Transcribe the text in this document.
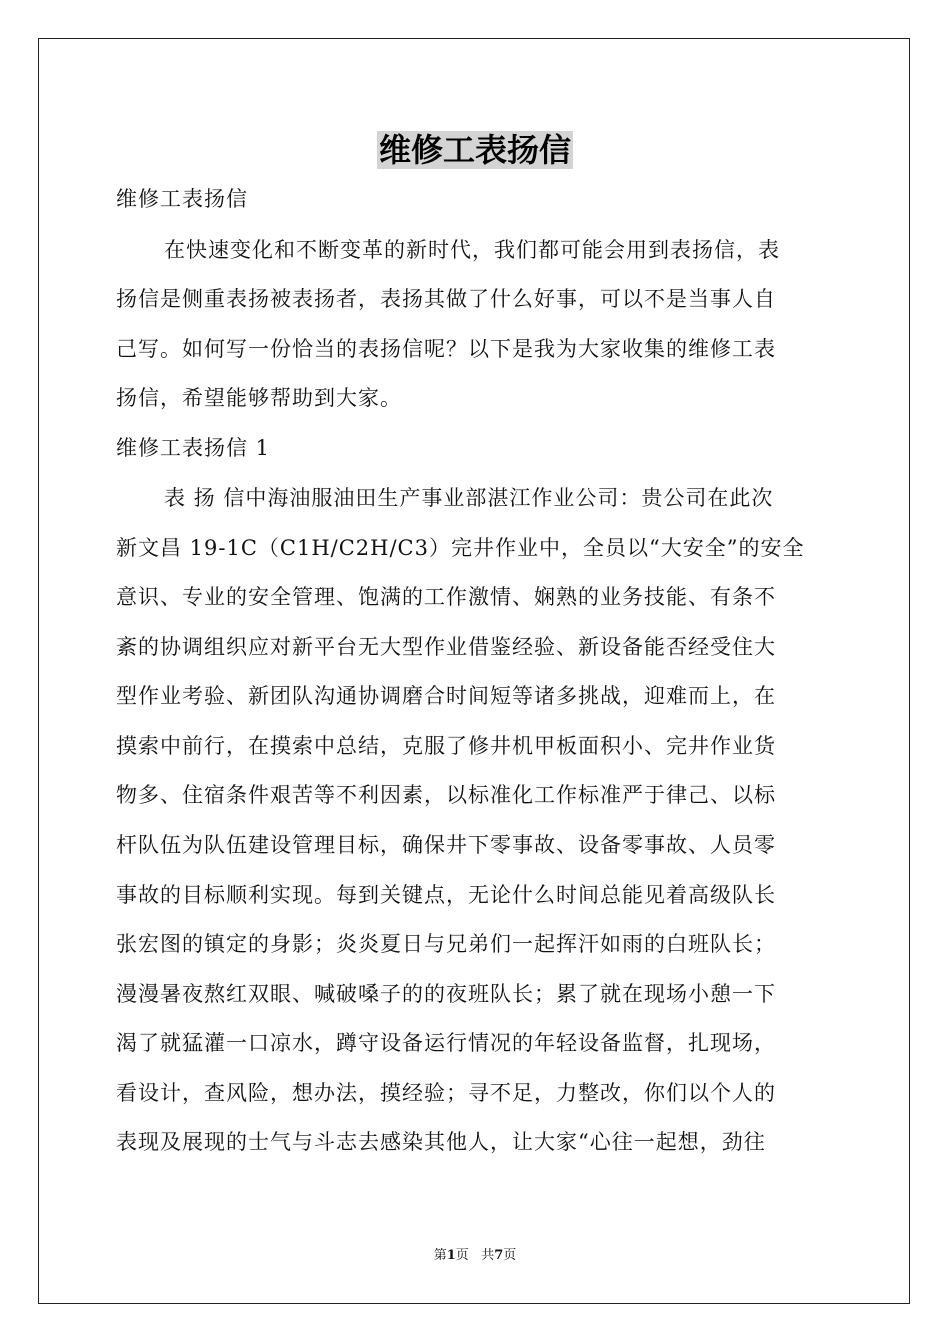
维修工表扬信
维修工表扬信
在快速变化和不断变革的新时代，我们都可能会用到表扬信，表
扬信是侧重表扬被表扬者，表扬其做了什么好事，可以不是当事人自
己写。如何写一份恰当的表扬信呢？以下是我为大家收集的维修工表
扬信，希望能够帮助到大家。
维修工表扬信 1
表 扬 信中海油服油田生产事业部湛江作业公司：贵公司在此次
新文昌 19-1C（C1H/C2H/C3）完井作业中，全员以“大安全”的安全
意识、专业的安全管理、饱满的工作激情、娴熟的业务技能、有条不
紊的协调组织应对新平台无大型作业借鉴经验、新设备能否经受住大
型作业考验、新团队沟通协调磨合时间短等诸多挑战，迎难而上，在
摸索中前行，在摸索中总结，克服了修井机甲板面积小、完井作业货
物多、住宿条件艰苦等不利因素，以标准化工作标准严于律己、以标
杆队伍为队伍建设管理目标，确保井下零事故、设备零事故、人员零
事故的目标顺利实现。每到关键点，无论什么时间总能见着高级队长
张宏图的镇定的身影；炎炎夏日与兄弟们一起挥汗如雨的白班队长；
漫漫暑夜熬红双眼、喊破嗓子的的夜班队长；累了就在现场小憩一下
渴了就猛灌一口凉水，蹲守设备运行情况的年轻设备监督，扎现场，
看设计，查风险，想办法，摸经验；寻不足，力整改，你们以个人的
表现及展现的士气与斗志去感染其他人，让大家“心往一起想，劲往
第1页 共7页
